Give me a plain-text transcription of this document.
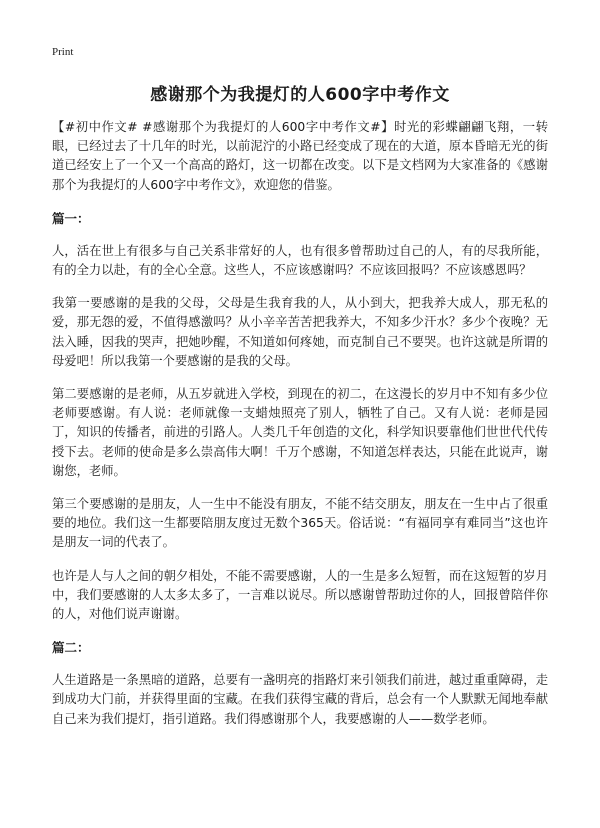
Print
感谢那个为我提灯的人600字中考作文

【#初中作文# #感谢那个为我提灯的人600字中考作文#】时光的彩蝶翩翩飞翔，一转眼，已经过去了十几年的时光，以前泥泞的小路已经变成了现在的大道，原本昏暗无光的街道已经安上了一个又一个高高的路灯，这一切都在改变。以下是文档网为大家准备的《感谢那个为我提灯的人600字中考作文》，欢迎您的借鉴。

篇一：

人，活在世上有很多与自己关系非常好的人，也有很多曾帮助过自己的人，有的尽我所能，有的全力以赴，有的全心全意。这些人，不应该感谢吗？不应该回报吗？不应该感恩吗？

我第一要感谢的是我的父母，父母是生我育我的人，从小到大，把我养大成人，那无私的爱，那无怨的爱，不值得感激吗？从小辛辛苦苦把我养大，不知多少汗水？多少个夜晚？无法入睡，因我的哭声，把她吵醒，不知道如何疼她，而克制自己不要哭。也许这就是所谓的母爱吧！所以我第一个要感谢的是我的父母。

第二要感谢的是老师，从五岁就进入学校，到现在的初二，在这漫长的岁月中不知有多少位老师要感谢。有人说：老师就像一支蜡烛照亮了别人，牺牲了自己。又有人说：老师是园丁，知识的传播者，前进的引路人。人类几千年创造的文化，科学知识要靠他们世世代代传授下去。老师的使命是多么崇高伟大啊！千万个感谢，不知道怎样表达，只能在此说声，谢谢您，老师。

第三个要感谢的是朋友，人一生中不能没有朋友，不能不结交朋友，朋友在一生中占了很重要的地位。我们这一生都要陪朋友度过无数个365天。俗话说：“有福同享有难同当”这也许是朋友一词的代表了。

也许是人与人之间的朝夕相处，不能不需要感谢，人的一生是多么短暂，而在这短暂的岁月中，我们要感谢的人太多太多了，一言难以说尽。所以感谢曾帮助过你的人，回报曾陪伴你的人，对他们说声谢谢。

篇二：

人生道路是一条黑暗的道路，总要有一盏明亮的指路灯来引领我们前进，越过重重障碍，走到成功大门前，并获得里面的宝藏。在我们获得宝藏的背后，总会有一个人默默无闻地奉献自己来为我们提灯，指引道路。我们得感谢那个人，我要感谢的人——数学老师。
